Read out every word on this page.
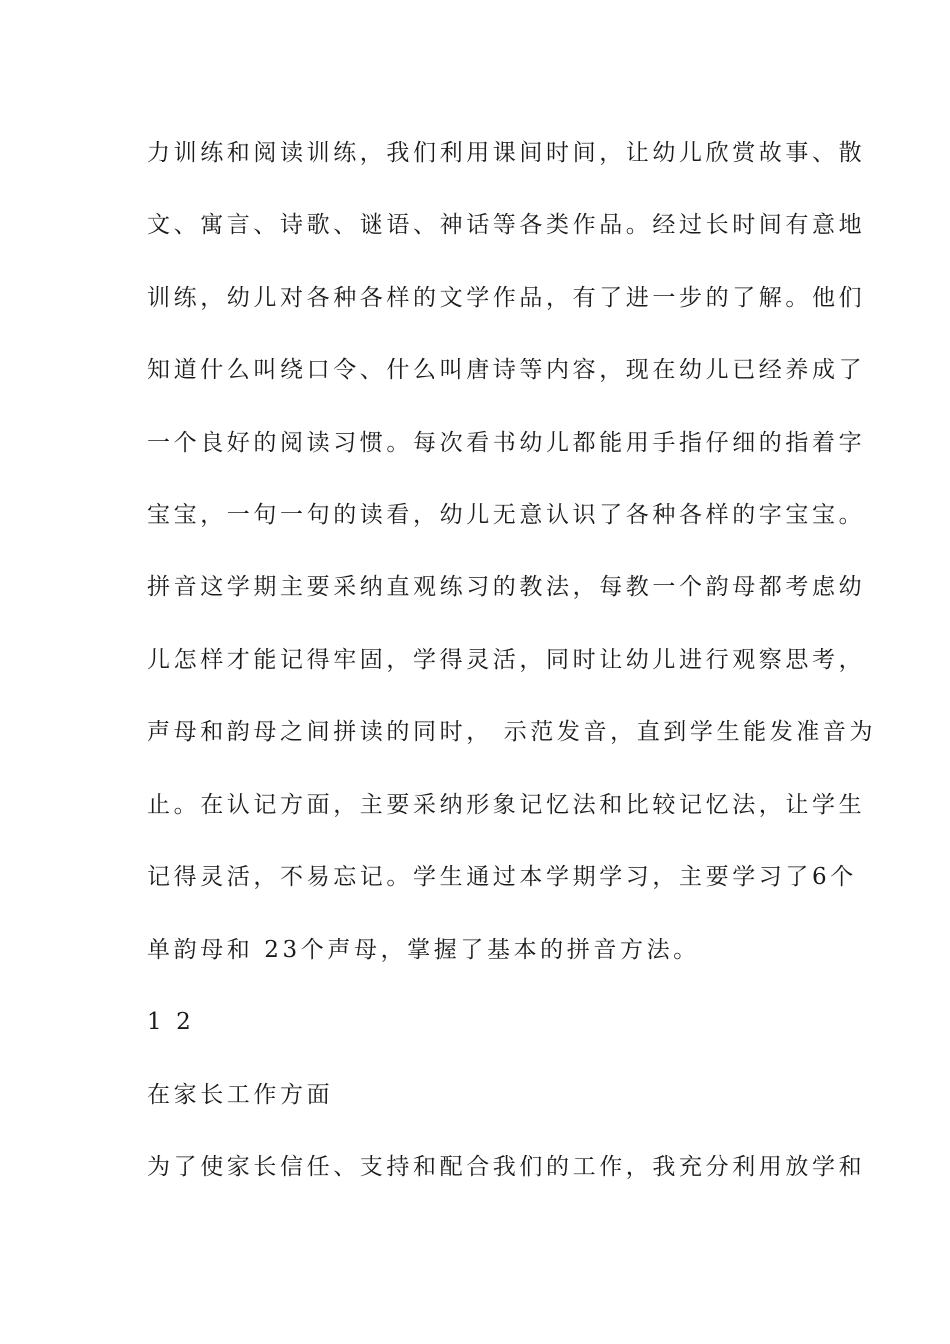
力训练和阅读训练，我们利用课间时间，让幼儿欣赏故事、散
文、寓言、诗歌、谜语、神话等各类作品。经过长时间有意地
训练，幼儿对各种各样的文学作品，有了进一步的了解。他们
知道什么叫绕口令、什么叫唐诗等内容，现在幼儿已经养成了
一个良好的阅读习惯。每次看书幼儿都能用手指仔细的指着字
宝宝，一句一句的读看，幼儿无意认识了各种各样的字宝宝。
拼音这学期主要采纳直观练习的教法，每教一个韵母都考虑幼
儿怎样才能记得牢固，学得灵活，同时让幼儿进行观察思考，
声母和韵母之间拼读的同时， 示范发音，直到学生能发准音为
止。在认记方面，主要采纳形象记忆法和比较记忆法，让学生
记得灵活，不易忘记。学生通过本学期学习，主要学习了6个
单韵母和 23个声母，掌握了基本的拼音方法。
1 2
在家长工作方面
为了使家长信任、支持和配合我们的工作，我充分利用放学和
